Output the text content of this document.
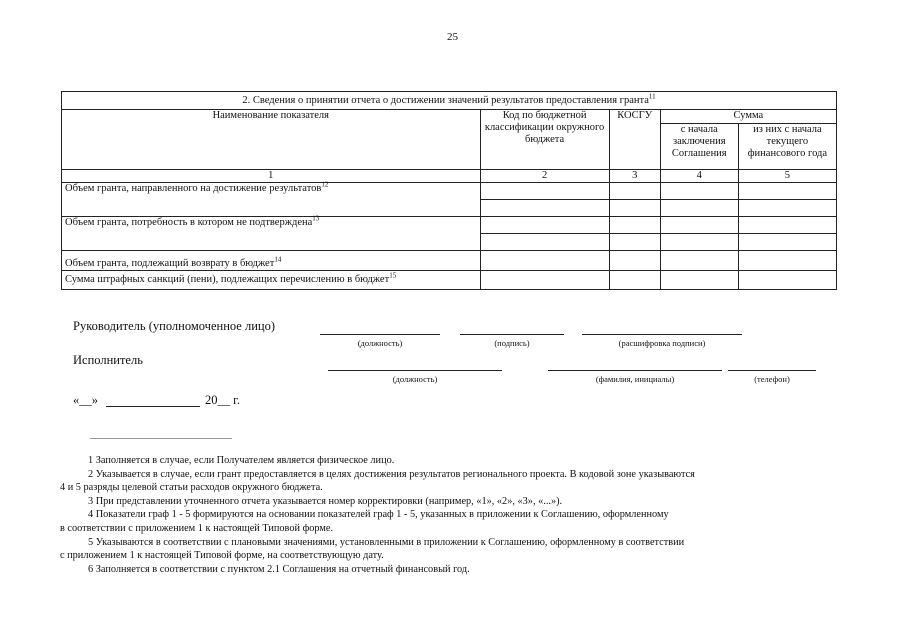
25
2. Сведения о принятии отчета о достижении значений результатов предоставления гранта$^{11}$
Наименование показателя	Код по бюджетной классификации окружного бюджета	КОСГУ	Сумма	
			с начала заключения Соглашения	из них с начала текущего финансового года
1	2	3	4	5
Объем гранта, направленного на достижение результатов$^{12}$				

Объем гранта, потребность в котором не подтверждена$^{13}$				

Объем гранта, подлежащий возврату в бюджет$^{14}$				
Сумма штрафных санкций (пени), подлежащих перечислению в бюджет$^{15}$				
Руководитель (уполномоченное лицо)
(должность)	(подпись)	(расшифровка подписи)
Исполнитель
(должность)	(фамилия, инициалы)	(телефон)
«__»	20__ г.

1 Заполняется в случае, если Получателем является физическое лицо.

2 Указывается в случае, если грант предоставляется в целях достижения результатов регионального проекта. В кодовой зоне указываются

4 и 5 разряды целевой статьи расходов окружного бюджета.

3 При представлении уточненного отчета указывается номер корректировки (например, «1», «2», «3», «...»).

4 Показатели граф 1 - 5 формируются на основании показателей граф 1 - 5, указанных в приложении к Соглашению, оформленному

в соответствии с приложением 1 к настоящей Типовой форме.

5 Указываются в соответствии с плановыми значениями, установленными в приложении к Соглашению, оформленному в соответствии

с приложением 1 к настоящей Типовой форме, на соответствующую дату.

6 Заполняется в соответствии с пунктом 2.1 Соглашения на отчетный финансовый год.
